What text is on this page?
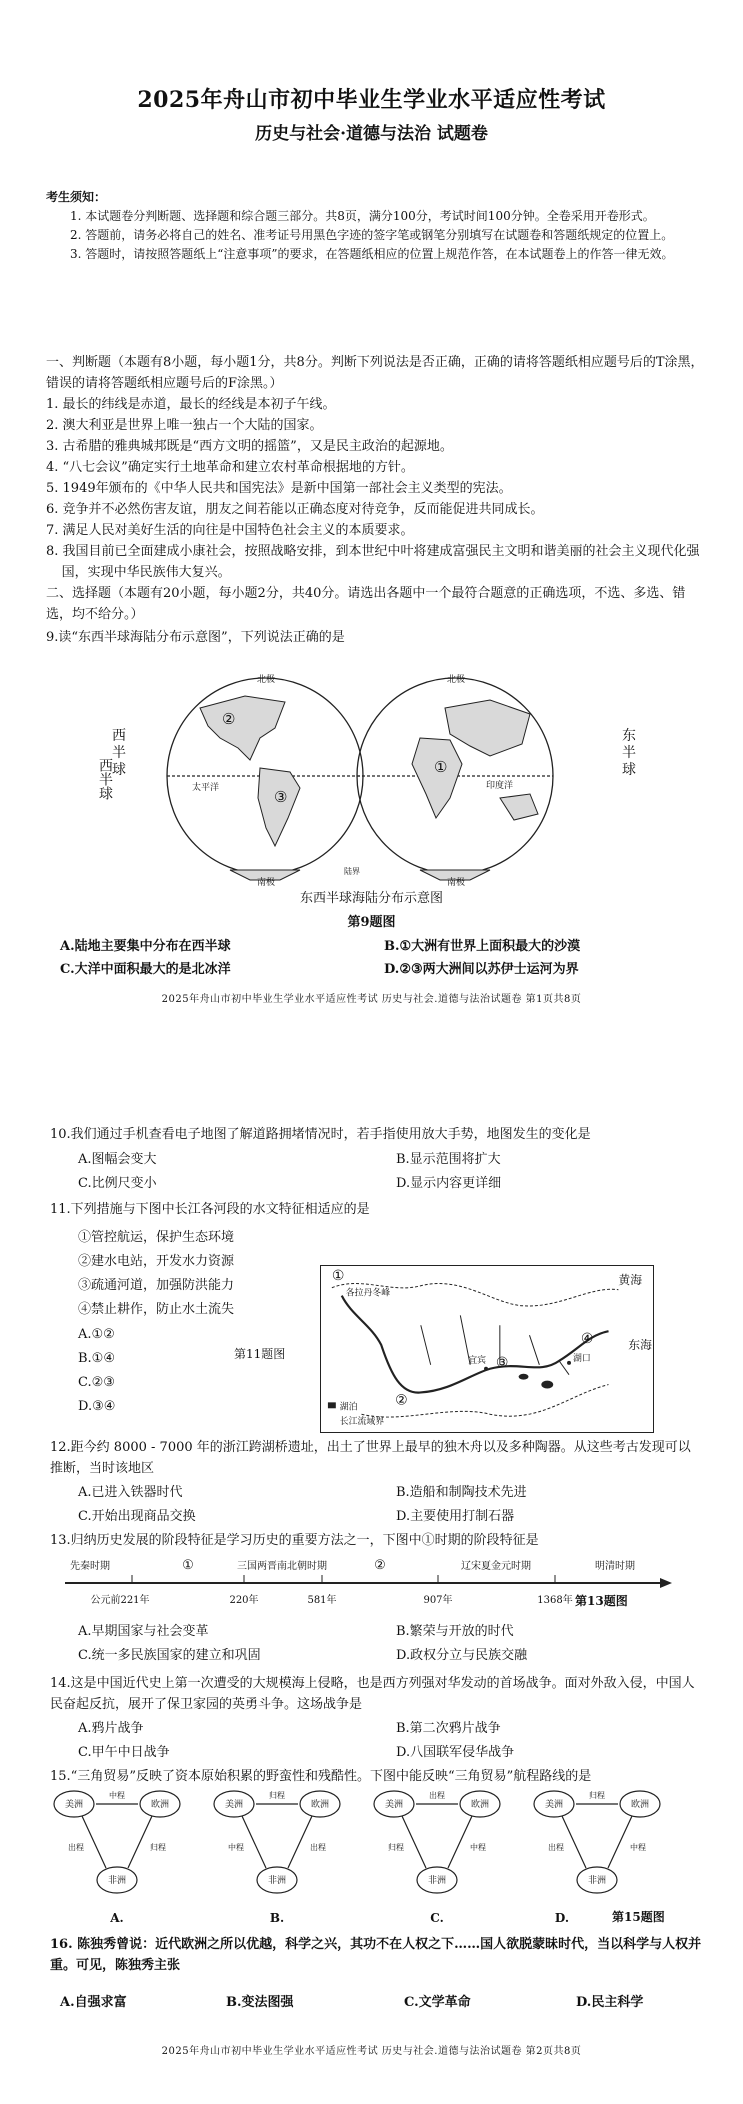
2025年舟山市初中毕业生学业水平适应性考试
历史与社会·道德与法治 试题卷
考生须知：
1. 本试题卷分判断题、选择题和综合题三部分。共8页，满分100分，考试时间100分钟。全卷采用开卷形式。
2. 答题前，请务必将自己的姓名、准考证号用黑色字迹的签字笔或钢笔分别填写在试题卷和答题纸规定的位置上。
3. 答题时，请按照答题纸上“注意事项”的要求，在答题纸相应的位置上规范作答，在本试题卷上的作答一律无效。
一、判断题（本题有8小题，每小题1分，共8分。判断下列说法是否正确，正确的请将答题纸相应题号后的T涂黑，错误的请将答题纸相应题号后的F涂黑。）
1. 最长的纬线是赤道，最长的经线是本初子午线。
2. 澳大利亚是世界上唯一独占一个大陆的国家。
3. 古希腊的雅典城邦既是“西方文明的摇篮”，又是民主政治的起源地。
4. “八七会议”确定实行土地革命和建立农村革命根据地的方针。
5. 1949年颁布的《中华人民共和国宪法》是新中国第一部社会主义类型的宪法。
6. 竞争并不必然伤害友谊，朋友之间若能以正确态度对待竞争，反而能促进共同成长。
7. 满足人民对美好生活的向往是中国特色社会主义的本质要求。
8. 我国目前已全面建成小康社会，按照战略安排，到本世纪中叶将建成富强民主文明和谐美丽的社会主义现代化强国，实现中华民族伟大复兴。
二、选择题（本题有20小题，每小题2分，共40分。请选出各题中一个最符合题意的正确选项，不选、多选、错选，均不给分。）
9.读“东西半球海陆分布示意图”，下列说法正确的是
西半球
北极	北极
南极	南极
太平洋	印度洋
②
①
③
陆界
西半球
东半球
东西半球海陆分布示意图
第9题图
A.陆地主要集中分布在西半球	B.①大洲有世界上面积最大的沙漠
C.大洋中面积最大的是北冰洋	D.②③两大洲间以苏伊士运河为界
2025年舟山市初中毕业生学业水平适应性考试 历史与社会.道德与法治试题卷 第1页共8页
10.我们通过手机查看电子地图了解道路拥堵情况时，若手指使用放大手势，地图发生的变化是
A.图幅会变大	B.显示范围将扩大
C.比例尺变小	D.显示内容更详细
11.下列措施与下图中长江各河段的水文特征相适应的是
①管控航运，保护生态环境
②建水电站，开发水力资源
③疏通河道，加强防洪能力
④禁止耕作，防止水土流失
A.①②
B.①④
C.②③
D.③④
第11题图
①
各拉丹冬峰
②
③
宜宾	湖口
④
黄海
东海
湖泊
长江流域界
12.距今约 8000 - 7000 年的浙江跨湖桥遗址，出土了世界上最早的独木舟以及多种陶器。从这些考古发现可以推断，当时该地区
A.已进入铁器时代	B.造船和制陶技术先进
C.开始出现商品交换	D.主要使用打制石器
13.归纳历史发展的阶段特征是学习历史的重要方法之一，下图中①时期的阶段特征是
先秦时期	①	三国两晋南北朝时期	②	辽宋夏金元时期	明清时期
公元前221年	220年	581年	907年	1368年 第13题图
A.早期国家与社会变革	B.繁荣与开放的时代
C.统一多民族国家的建立和巩固	D.政权分立与民族交融
14.这是中国近代史上第一次遭受的大规模海上侵略，也是西方列强对华发动的首场战争。面对外敌入侵，中国人民奋起反抗，展开了保卫家园的英勇斗争。这场战争是
A.鸦片战争	B.第二次鸦片战争
C.甲午中日战争	D.八国联军侵华战争
15.“三角贸易”反映了资本原始积累的野蛮性和残酷性。下图中能反映“三角贸易”航程路线的是
美洲	欧洲
非洲
中程
出程	归程
A.
美洲	欧洲
非洲
归程
中程	出程
B.
美洲	欧洲
非洲
出程
归程	中程
C.
美洲	欧洲
非洲
归程
出程	中程
D.	第15题图
16. 陈独秀曾说：近代欧洲之所以优越，科学之兴，其功不在人权之下……国人欲脱蒙昧时代，当以科学与人权并重。可见，陈独秀主张
A.自强求富	B.变法图强	C.文学革命	D.民主科学
2025年舟山市初中毕业生学业水平适应性考试 历史与社会.道德与法治试题卷 第2页共8页
